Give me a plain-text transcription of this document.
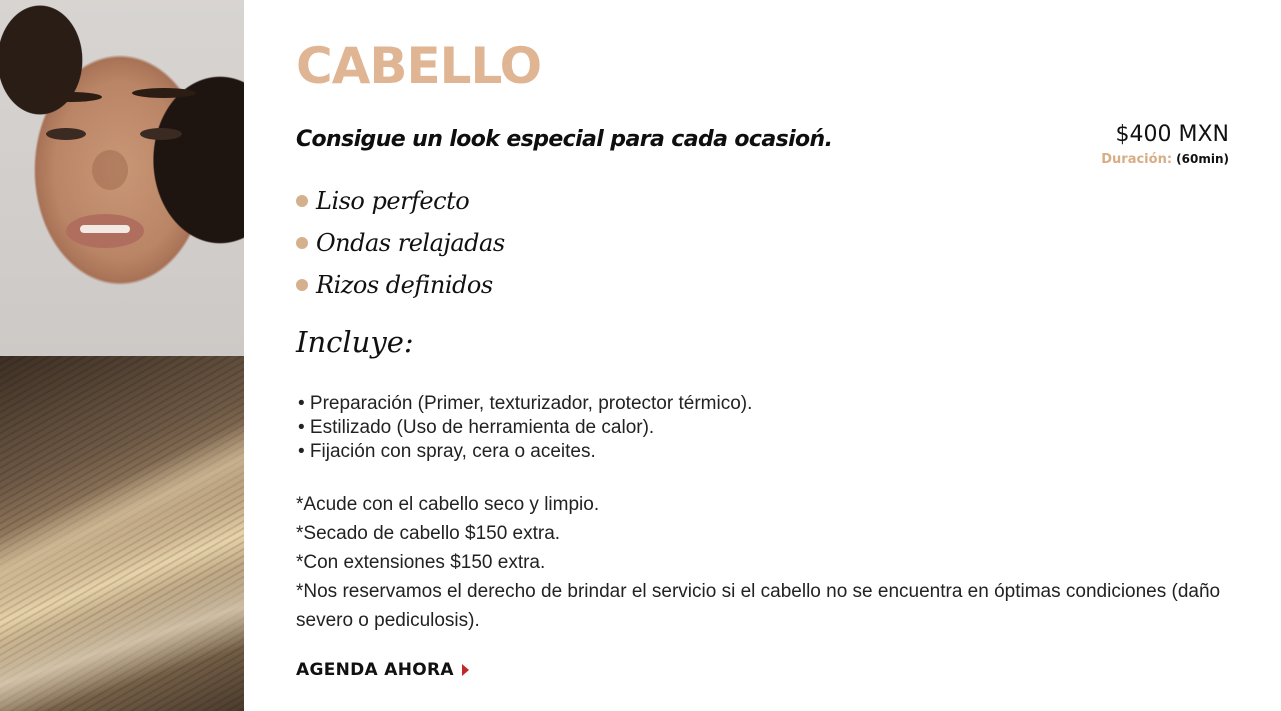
CABELLO
Consigue un look especial para cada ocasioń.	$400 MXN
Duración: (60min)
Liso perfecto
Ondas relajadas
Rizos definidos
Incluye:
• Preparación (Primer, texturizador, protector térmico).
• Estilizado (Uso de herramienta de calor).
• Fijación con spray, cera o aceites.

*Acude con el cabello seco y limpio.

*Secado de cabello $150 extra.

*Con extensiones $150 extra.

*Nos reservamos el derecho de brindar el servicio si el cabello no se encuentra en óptimas condiciones (daño severo o pediculosis).

AGENDA AHORA
